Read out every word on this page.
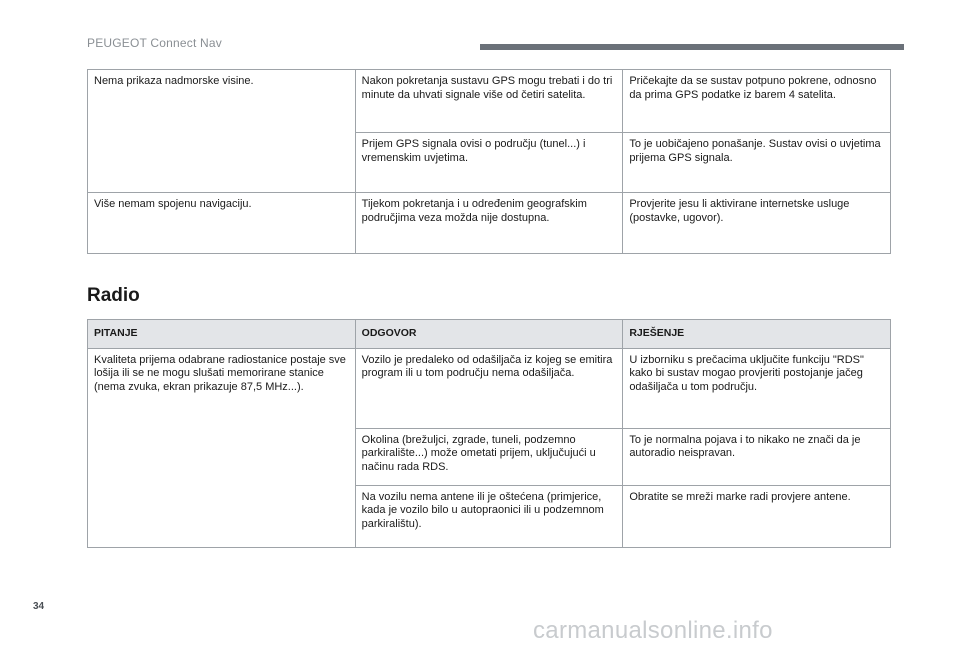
PEUGEOT Connect Nav
Nema prikaza nadmorske visine.	Nakon pokretanja sustavu GPS mogu trebati i do tri minute da uhvati signale više od četiri satelita.	Pričekajte da se sustav potpuno pokrene, odnosno da prima GPS podatke iz barem 4 satelita.
	Prijem GPS signala ovisi o području (tunel...) i vremenskim uvjetima.	To je uobičajeno ponašanje. Sustav ovisi o uvjetima prijema GPS signala.
Više nemam spojenu navigaciju.	Tijekom pokretanja i u određenim geografskim područjima veza možda nije dostupna.	Provjerite jesu li aktivirane internetske usluge (postavke, ugovor).
Radio
PITANJE	ODGOVOR	RJEŠENJE
Kvaliteta prijema odabrane radiostanice postaje sve lošija ili se ne mogu slušati memorirane stanice (nema zvuka, ekran prikazuje 87,5 MHz...).	Vozilo je predaleko od odašiljača iz kojeg se emitira program ili u tom području nema odašiljača.	U izborniku s prečacima uključite funkciju "RDS" kako bi sustav mogao provjeriti postojanje jačeg odašiljača u tom području.
	Okolina (brežuljci, zgrade, tuneli, podzemno parkiralište...) može ometati prijem, uključujući u načinu rada RDS.	To je normalna pojava i to nikako ne znači da je autoradio neispravan.
	Na vozilu nema antene ili je oštećena (primjerice, kada je vozilo bilo u autopraonici ili u podzemnom parkiralištu).	Obratite se mreži marke radi provjere antene.
34
carmanualsonline.info
